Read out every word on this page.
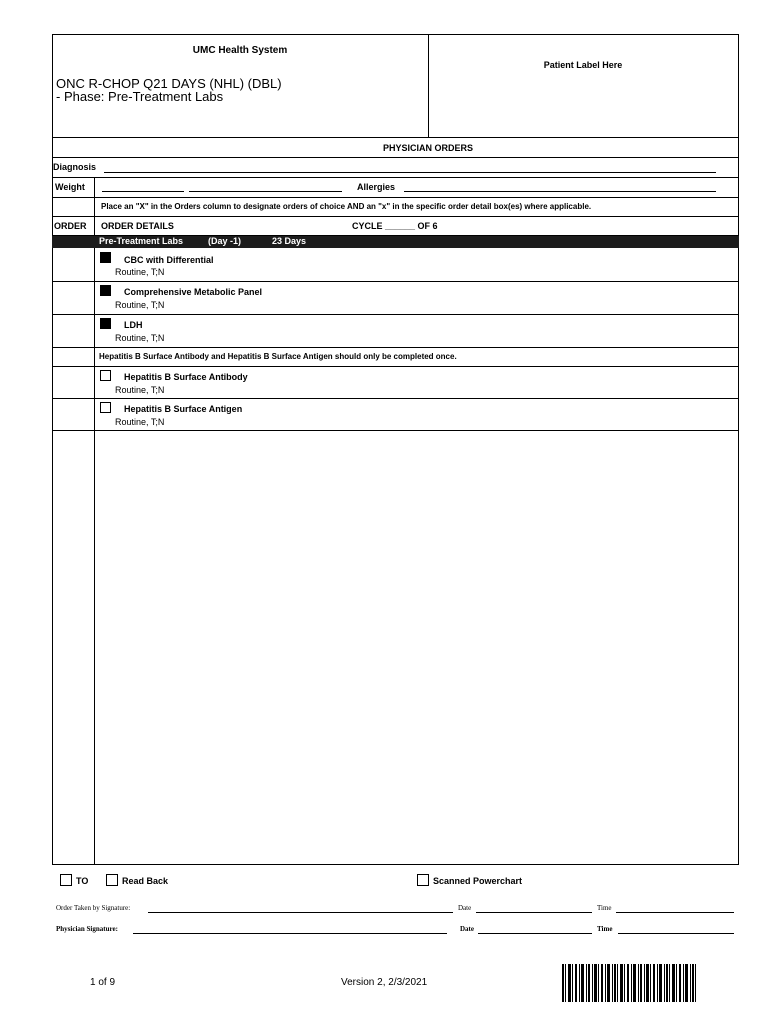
UMC Health System
ONC R-CHOP Q21 DAYS (NHL) (DBL)
- Phase: Pre-Treatment Labs
Patient Label Here
PHYSICIAN ORDERS
Diagnosis
Weight	Allergies
Place an "X" in the Orders column to designate orders of choice AND an "x" in the specific order detail box(es) where applicable.
ORDER ORDER DETAILS	CYCLE ______ OF 6
Pre-Treatment Labs	(Day -1)	23 Days
CBC with Differential
Routine, T;N
Comprehensive Metabolic Panel
Routine, T;N
LDH
Routine, T;N
Hepatitis B Surface Antibody and Hepatitis B Surface Antigen should only be completed once.
Hepatitis B Surface Antibody
Routine, T;N
Hepatitis B Surface Antigen
Routine, T;N
TO	Read Back	Scanned Powerchart
Order Taken by Signature:	Date	Time
Physician Signature:	Date	Time
1 of 9	Version 2, 2/3/2021
